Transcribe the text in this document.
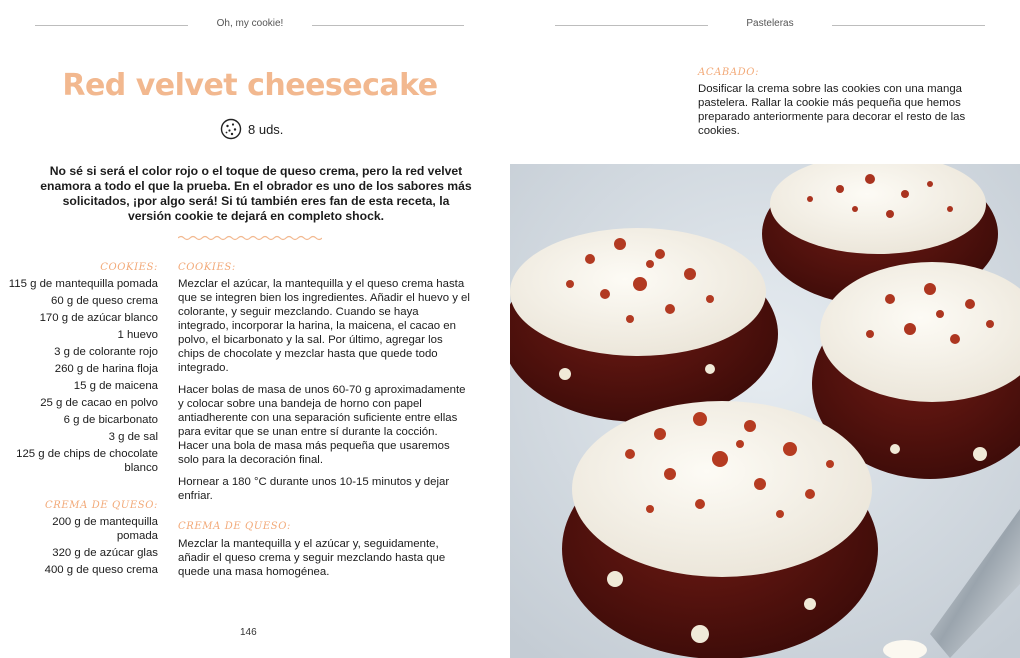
Oh, my cookie!
Red velvet cheesecake
8 uds.
No sé si será el color rojo o el toque de queso crema, pero la red velvet enamora a todo el que la prueba. En el obrador es uno de los sabores más solicitados, ¡por algo será! Si tú también eres fan de esta receta, la versión cookie te dejará en completo shock.
COOKIES:
115 g de mantequilla pomada
60 g de queso crema
170 g de azúcar blanco
1 huevo
3 g de colorante rojo
260 g de harina floja
15 g de maicena
25 g de cacao en polvo
6 g de bicarbonato
3 g de sal
125 g de chips de chocolate blanco
CREMA DE QUESO:
200 g de mantequilla pomada
320 g de azúcar glas
400 g de queso crema
COOKIES:

Mezclar el azúcar, la mantequilla y el queso crema hasta que se integren bien los ingredientes. Añadir el huevo y el colorante, y seguir mezclando. Cuando se haya integrado, incorporar la harina, la maicena, el cacao en polvo, el bicarbonato y la sal. Por último, agregar los chips de chocolate y mezclar hasta que quede todo integrado.

Hacer bolas de masa de unos 60-70 g aproximadamente y colocar sobre una bandeja de horno con papel antiadherente con una separación suficiente entre ellas para evitar que se unan entre sí durante la cocción. Hacer una bola de masa más pequeña que usaremos solo para la decoración final.

Hornear a 180 °C durante unos 10-15 minutos y dejar enfriar.

CREMA DE QUESO:

Mezclar la mantequilla y el azúcar y, seguidamente, añadir el queso crema y seguir mezclando hasta que quede una masa homogénea.

146
Pasteleras
ACABADO:
Dosificar la crema sobre las cookies con una manga pastelera. Rallar la cookie más pequeña que hemos preparado anteriormente para decorar el resto de las cookies.
